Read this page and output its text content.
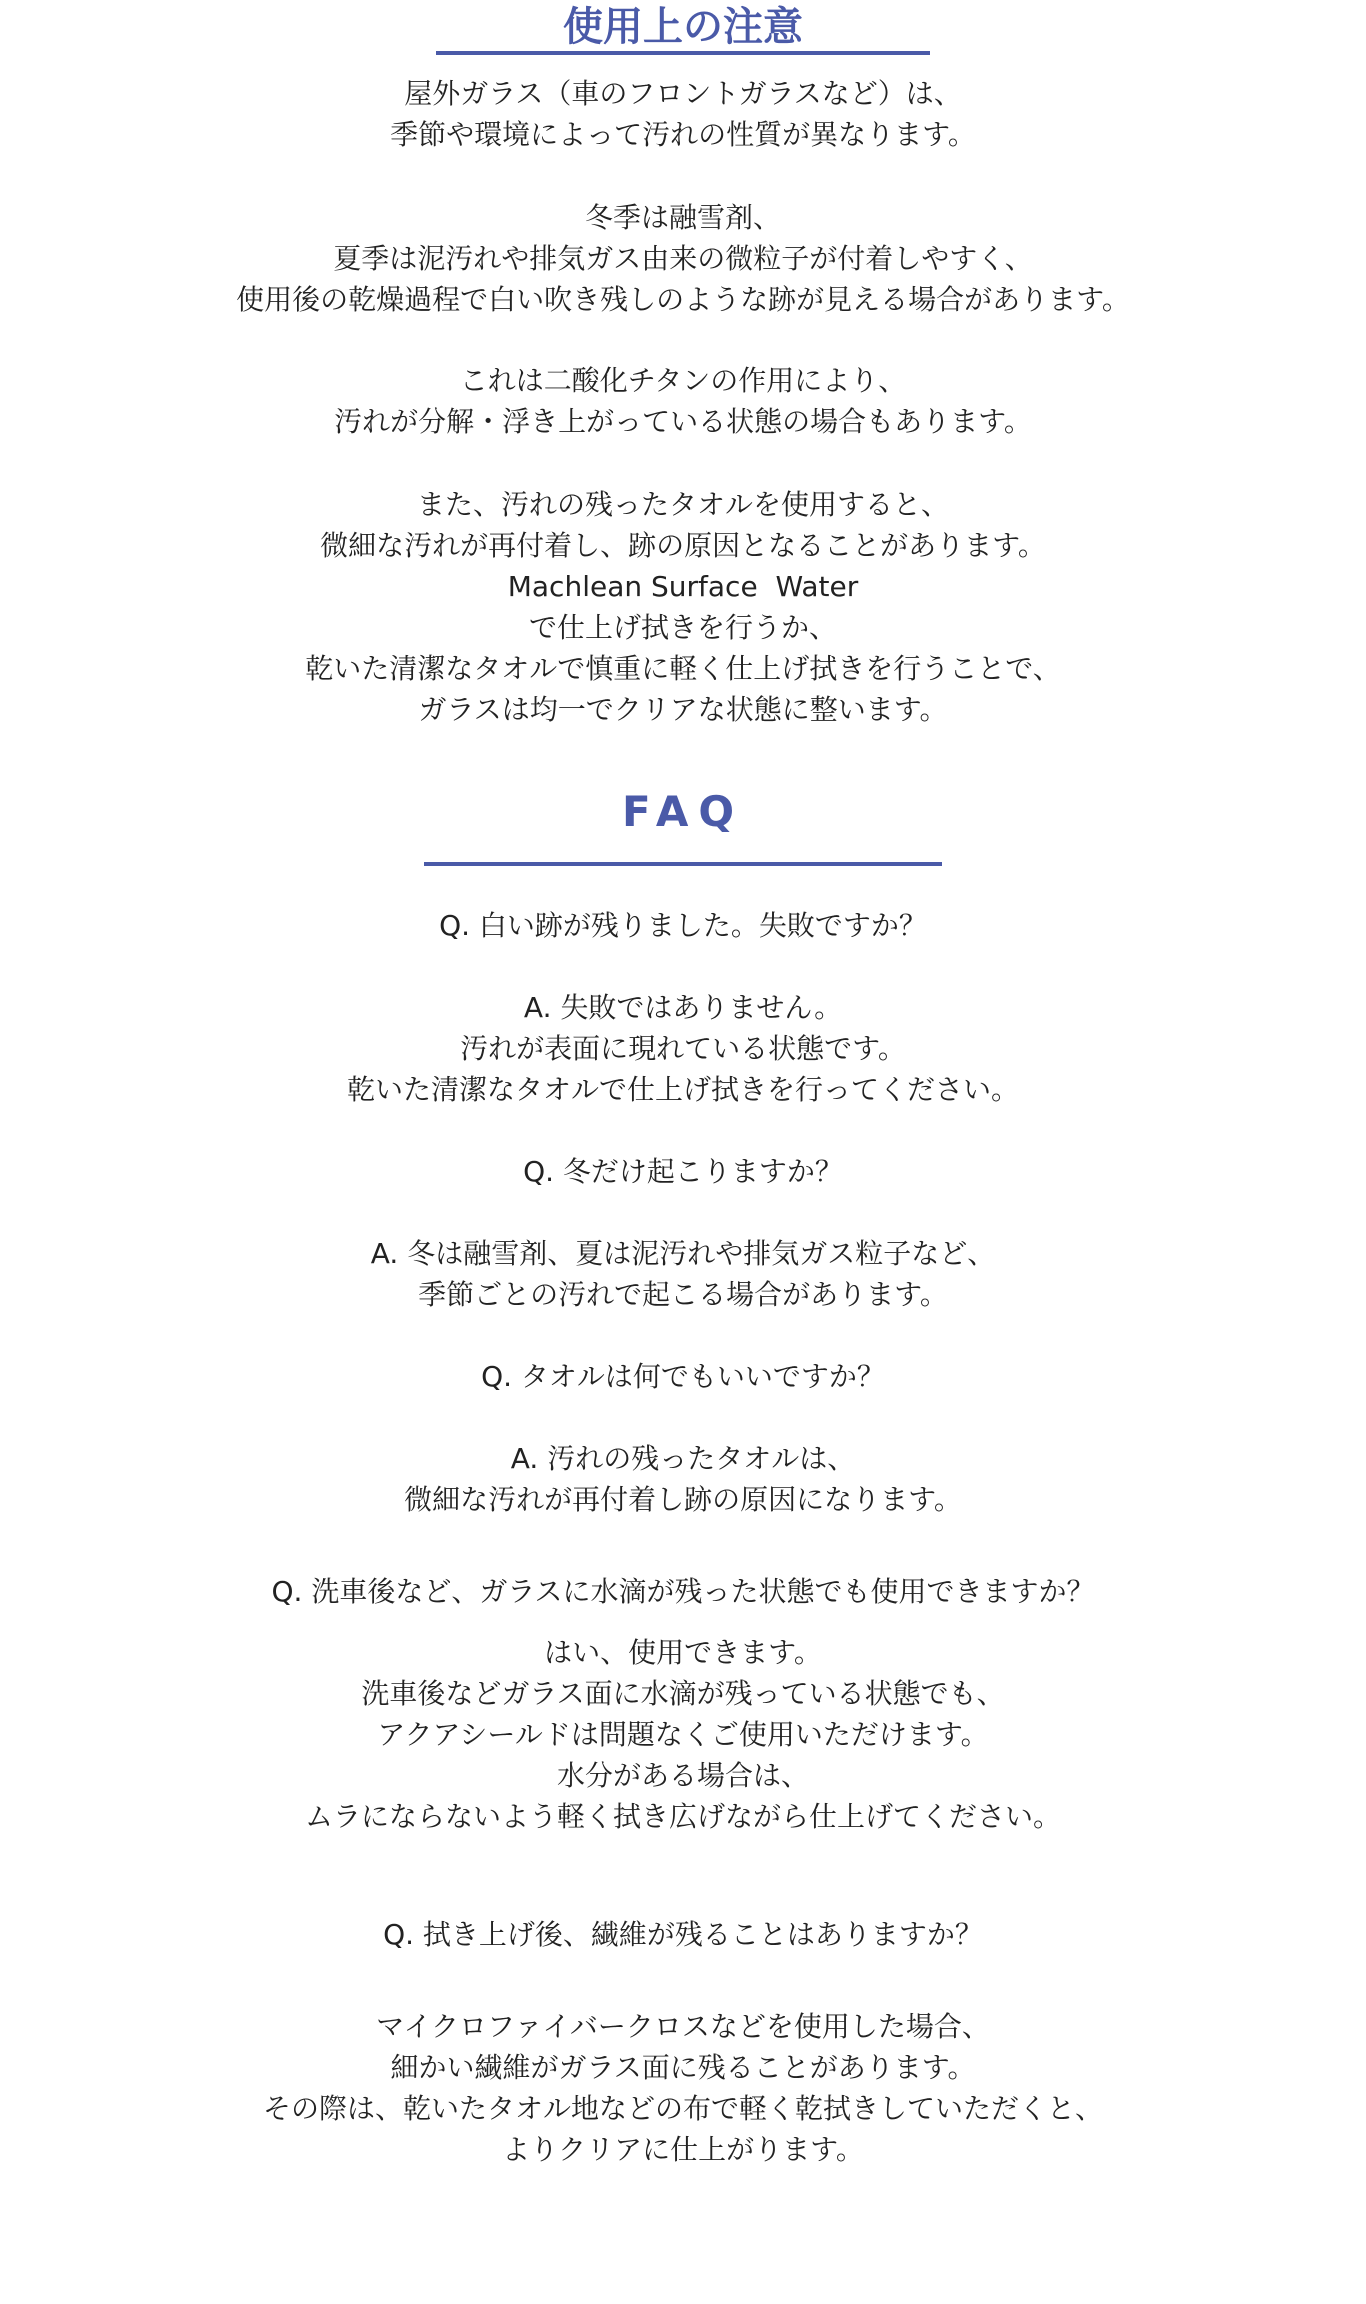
使用上の注意
屋外ガラス（車のフロントガラスなど）は、
季節や環境によって汚れの性質が異なります。
冬季は融雪剤、
夏季は泥汚れや排気ガス由来の微粒子が付着しやすく、
使用後の乾燥過程で白い吹き残しのような跡が見える場合があります。
これは二酸化チタンの作用により、
汚れが分解・浮き上がっている状態の場合もあります。
また、汚れの残ったタオルを使用すると、
微細な汚れが再付着し、跡の原因となることがあります。
Machlean Surface  Water
で仕上げ拭きを行うか、
乾いた清潔なタオルで慎重に軽く仕上げ拭きを行うことで、
ガラスは均一でクリアな状態に整います。
FAQ
Q. 白い跡が残りました。失敗ですか？
A. 失敗ではありません。
汚れが表面に現れている状態です。
乾いた清潔なタオルで仕上げ拭きを行ってください。
Q. 冬だけ起こりますか？
A. 冬は融雪剤、夏は泥汚れや排気ガス粒子など、
季節ごとの汚れで起こる場合があります。
Q. タオルは何でもいいですか？
A. 汚れの残ったタオルは、
微細な汚れが再付着し跡の原因になります。
Q. 洗車後など、ガラスに水滴が残った状態でも使用できますか？
はい、使用できます。
洗車後などガラス面に水滴が残っている状態でも、
アクアシールドは問題なくご使用いただけます。
水分がある場合は、
ムラにならないよう軽く拭き広げながら仕上げてください。
Q. 拭き上げ後、繊維が残ることはありますか？
マイクロファイバークロスなどを使用した場合、
細かい繊維がガラス面に残ることがあります。
その際は、乾いたタオル地などの布で軽く乾拭きしていただくと、
よりクリアに仕上がります。
